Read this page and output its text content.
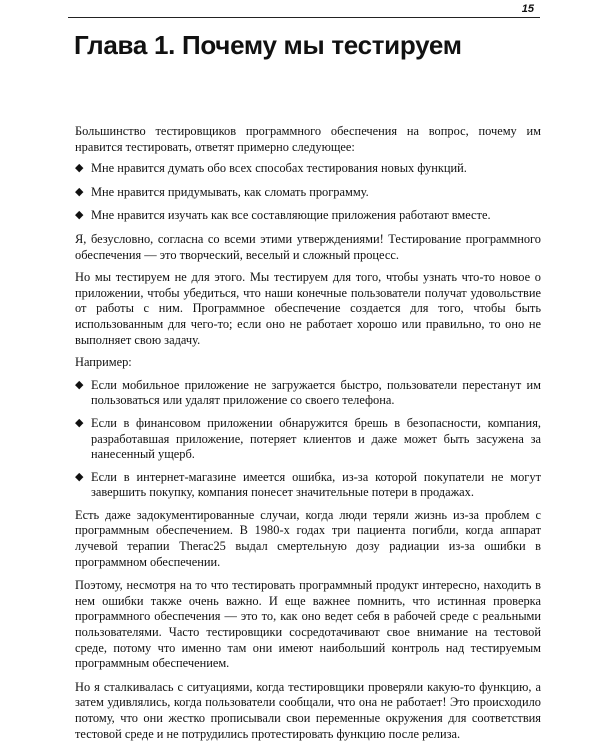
15
Глава 1. Почему мы тестируем

Большинство тестировщиков программного обеспечения на вопрос, почему им нравится тестировать, ответят примерно следующее:

◆ Мне нравится думать обо всех способах тестирования новых функций.
◆ Мне нравится придумывать, как сломать программу.
◆ Мне нравится изучать как все составляющие приложения работают вместе.

Я, безусловно, согласна со всеми этими утверждениями! Тестирование программного обеспечения — это творческий, веселый и сложный процесс.

Но мы тестируем не для этого. Мы тестируем для того, чтобы узнать что-то новое о приложении, чтобы убедиться, что наши конечные пользователи получат удовольствие от работы с ним. Программное обеспечение создается для того, чтобы быть использованным для чего-то; если оно не работает хорошо или правильно, то оно не выполняет свою задачу.

Например:

◆ Если мобильное приложение не загружается быстро, пользователи перестанут им пользоваться или удалят приложение со своего телефона.
◆ Если в финансовом приложении обнаружится брешь в безопасности, компания, разработавшая приложение, потеряет клиентов и даже может быть засужена за нанесенный ущерб.
◆ Если в интернет-магазине имеется ошибка, из-за которой покупатели не могут завершить покупку, компания понесет значительные потери в продажах.

Есть даже задокументированные случаи, когда люди теряли жизнь из-за проблем с программным обеспечением. В 1980-х годах три пациента погибли, когда аппарат лучевой терапии Therac25 выдал смертельную дозу радиации из-за ошибки в программном обеспечении.

Поэтому, несмотря на то что тестировать программный продукт интересно, находить в нем ошибки также очень важно. И еще важнее помнить, что истинная проверка программного обеспечения — это то, как оно ведет себя в рабочей среде с реальными пользователями. Часто тестировщики сосредотачивают свое внимание на тестовой среде, потому что именно там они имеют наибольший контроль над тестируемым программным обеспечением.

Но я сталкивалась с ситуациями, когда тестировщики проверяли какую-то функцию, а затем удивлялись, когда пользователи сообщали, что она не работает! Это происходило потому, что они жестко прописывали свои переменные окружения для соответствия тестовой среде и не потрудились протестировать функцию после релиза.
